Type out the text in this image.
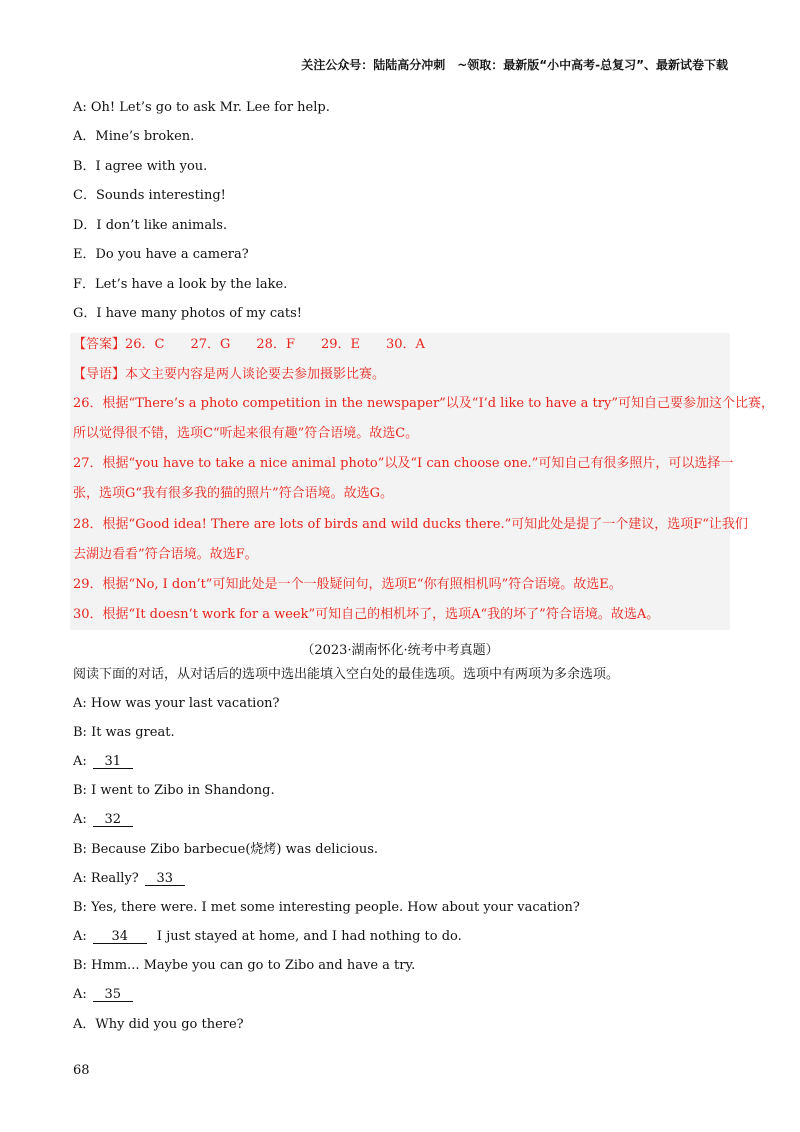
关注公众号：陆陆高分冲刺　~领取：最新版“小中高考-总复习”、最新试卷下载
A: Oh! Let’s go to ask Mr. Lee for help.
A．Mine’s broken.
B．I agree with you.
C．Sounds interesting!
D．I don’t like animals.
E．Do you have a camera?
F．Let’s have a look by the lake.
G．I have many photos of my cats!
【答案】26．C　　27．G　　28．F　　29．E　　30．A
【导语】本文主要内容是两人谈论要去参加摄影比赛。
26．根据“There’s a photo competition in the newspaper”以及“I’d like to have a try”可知自己要参加这个比赛，
所以觉得很不错，选项C“听起来很有趣”符合语境。故选C。
27．根据“you have to take a nice animal photo”以及“I can choose one.”可知自己有很多照片，可以选择一
张，选项G“我有很多我的猫的照片”符合语境。故选G。
28．根据“Good idea! There are lots of birds and wild ducks there.”可知此处是提了一个建议，选项F“让我们
去湖边看看”符合语境。故选F。
29．根据“No, I don’t”可知此处是一个一般疑问句，选项E“你有照相机吗”符合语境。故选E。
30．根据“It doesn’t work for a week”可知自己的相机坏了，选项A“我的坏了”符合语境。故选A。
（2023·湖南怀化·统考中考真题）
阅读下面的对话，从对话后的选项中选出能填入空白处的最佳选项。选项中有两项为多余选项。
A: How was your last vacation?
B: It was great.
A: 31
B: I went to Zibo in Shandong.
A: 32
B: Because Zibo barbecue(烧烤) was delicious.
A: Really? 33
B: Yes, there were. I met some interesting people. How about your vacation?
A: 34 I just stayed at home, and I had nothing to do.
B: Hmm... Maybe you can go to Zibo and have a try.
A: 35
A．Why did you go there?
68
